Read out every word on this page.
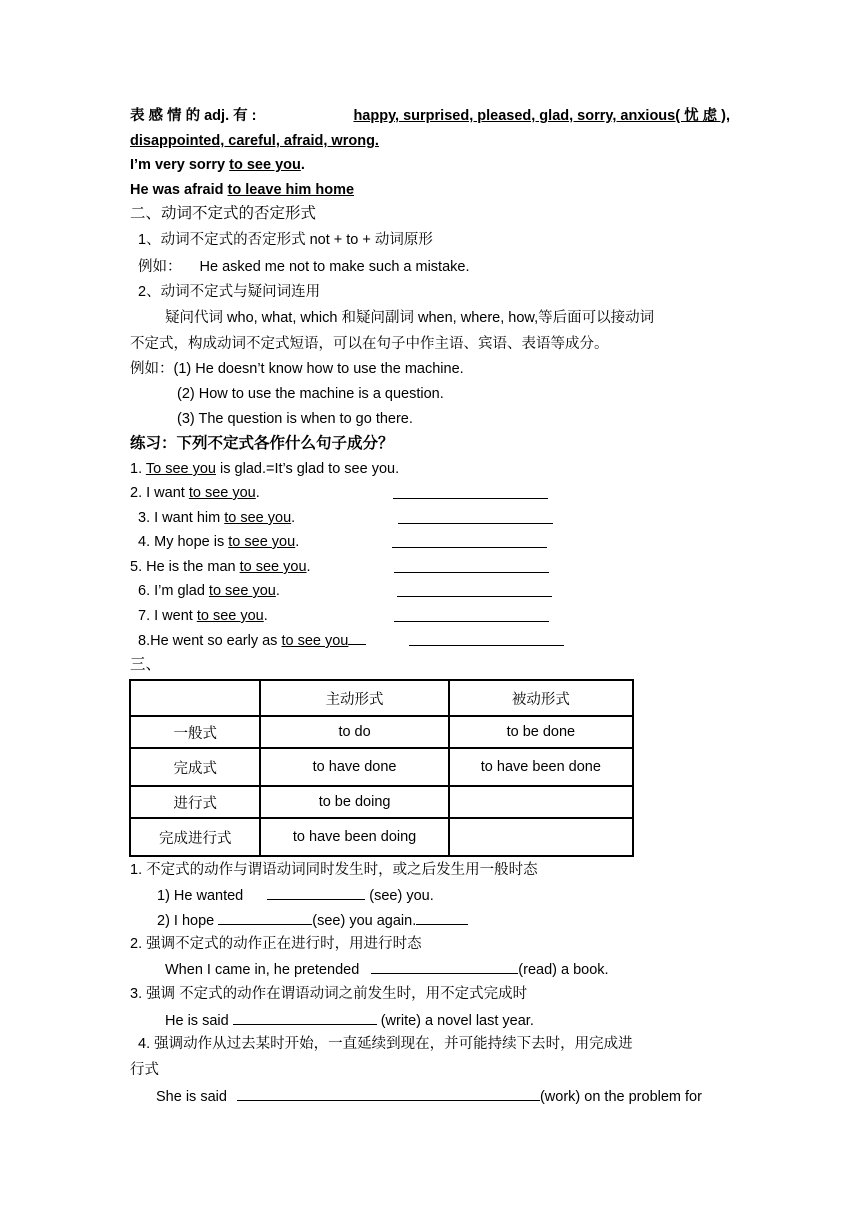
表 感 情 的 adj. 有 :	happy, surprised, pleased, glad, sorry, anxious( 忧 虑 ),
disappointed, careful, afraid, wrong.
I’m very sorry to see you.
He was afraid to leave him home
二、动词不定式的否定形式
1、动词不定式的否定形式 not + to + 动词原形
例如： He asked me not to make such a mistake.
2、动词不定式与疑问词连用
疑问代词 who, what, which 和疑问副词 when, where, how,等后面可以接动词
不定式，构成动词不定式短语，可以在句子中作主语、宾语、表语等成分。
例如：(1) He doesn’t know how to use the machine.
(2) How to use the machine is a question.
(3) The question is when to go there.
练习：下列不定式各作什么句子成分？
1. To see you is glad.=It’s glad to see you.
2. I want to see you.
3. I want him to see you.
4. My hope is to see you.
5. He is the man to see you.
6. I’m glad to see you.
7. I went to see you.
8.He went so early as to see you
三、
	主动形式	被动形式
一般式	to do	to be done
完成式	to have done	to have been done
进行式	to be doing	
完成进行式	to have been doing	
1. 不定式的动作与谓语动词同时发生时，或之后发生用一般时态
1) He wanted	(see) you.
2) I hope	(see) you again.
2. 强调不定式的动作正在进行时，用进行时态
When I came in, he pretended	(read) a book.
3. 强调 不定式的动作在谓语动词之前发生时，用不定式完成时
He is said	(write) a novel last year.
4. 强调动作从过去某时开始，一直延续到现在，并可能持续下去时，用完成进
行式
She is said	(work) on the problem for
